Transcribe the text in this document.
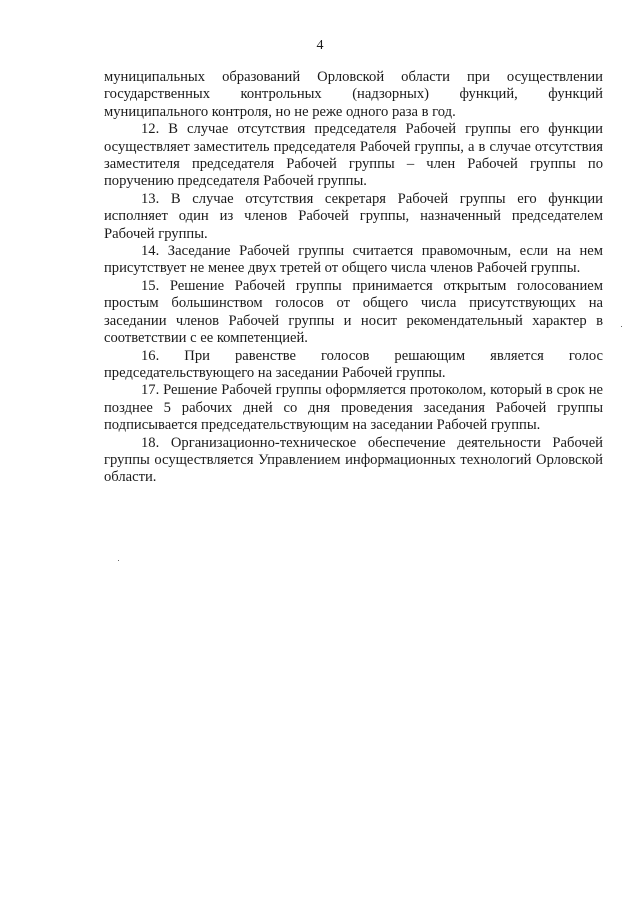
4

муниципальных образований Орловской области при осуществлении государственных контрольных (надзорных) функций, функций муниципального контроля, но не реже одного раза в год.

12. В случае отсутствия председателя Рабочей группы его функции осуществляет заместитель председателя Рабочей группы, а в случае отсутствия заместителя председателя Рабочей группы – член Рабочей группы по поручению председателя Рабочей группы.

13. В случае отсутствия секретаря Рабочей группы его функции исполняет один из членов Рабочей группы, назначенный председателем Рабочей группы.

14. Заседание Рабочей группы считается правомочным, если на нем присутствует не менее двух третей от общего числа членов Рабочей группы.

15. Решение Рабочей группы принимается открытым голосованием простым большинством голосов от общего числа присутствующих на заседании членов Рабочей группы и носит рекомендательный характер в соответствии с ее компетенцией.

16. При равенстве голосов решающим является голос председательствующего на заседании Рабочей группы.

17. Решение Рабочей группы оформляется протоколом, который в срок не позднее 5 рабочих дней со дня проведения заседания Рабочей группы подписывается председательствующим на заседании Рабочей группы.

18. Организационно-техническое обеспечение деятельности Рабочей группы осуществляется Управлением информационных технологий Орловской области.
